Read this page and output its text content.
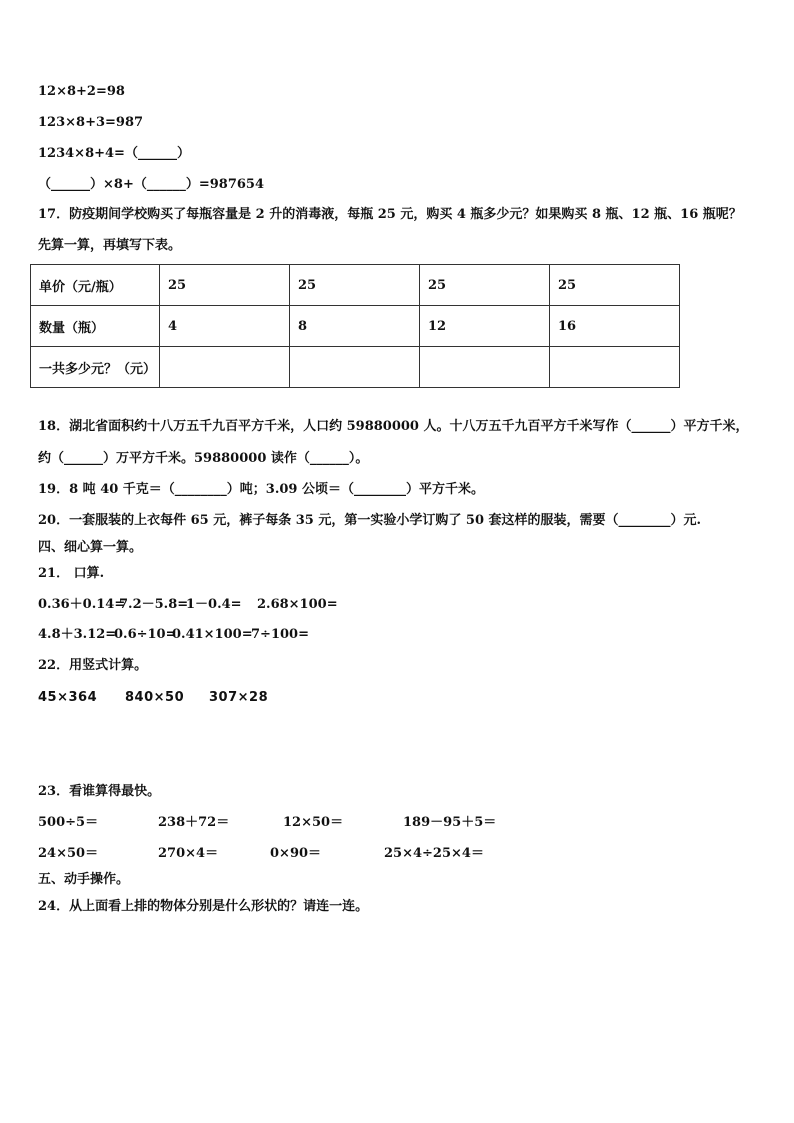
12×8+2=98
123×8+3=987
1234×8+4=（______）
（______）×8+（______）=987654
17．防疫期间学校购买了每瓶容量是 2 升的消毒液，每瓶 25 元，购买 4 瓶多少元？如果购买 8 瓶、12 瓶、16 瓶呢？
先算一算，再填写下表。
单价（元/瓶）	25	25	25	25
数量（瓶）	4	8	12	16
一共多少元？（元）				
18．湖北省面积约十八万五千九百平方千米，人口约 59880000 人。十八万五千九百平方千米写作（______）平方千米，
约（______）万平方千米。59880000 读作（______）。
19．8 吨 40 千克＝（________）吨；3.09 公顷＝（________）平方千米。
20．一套服装的上衣每件 65 元，裤子每条 35 元，第一实验小学订购了 50 套这样的服装，需要（________）元.
四、细心算一算。
21． 口算.

0.36＋0.14=

7.2－5.8=

1－0.4=

2.68×100=

4.8＋3.12=

0.6÷10=

0.41×100=

7÷100=

22．用竖式计算。

45×364

840×50

307×28

23．看谁算得最快。

500÷5＝

	238＋72＝

	12×50＝

	189－95＋5＝

24×50＝

	270×4＝

	0×90＝

	25×4÷25×4＝

五、动手操作。
24．从上面看上排的物体分别是什么形状的？请连一连。
